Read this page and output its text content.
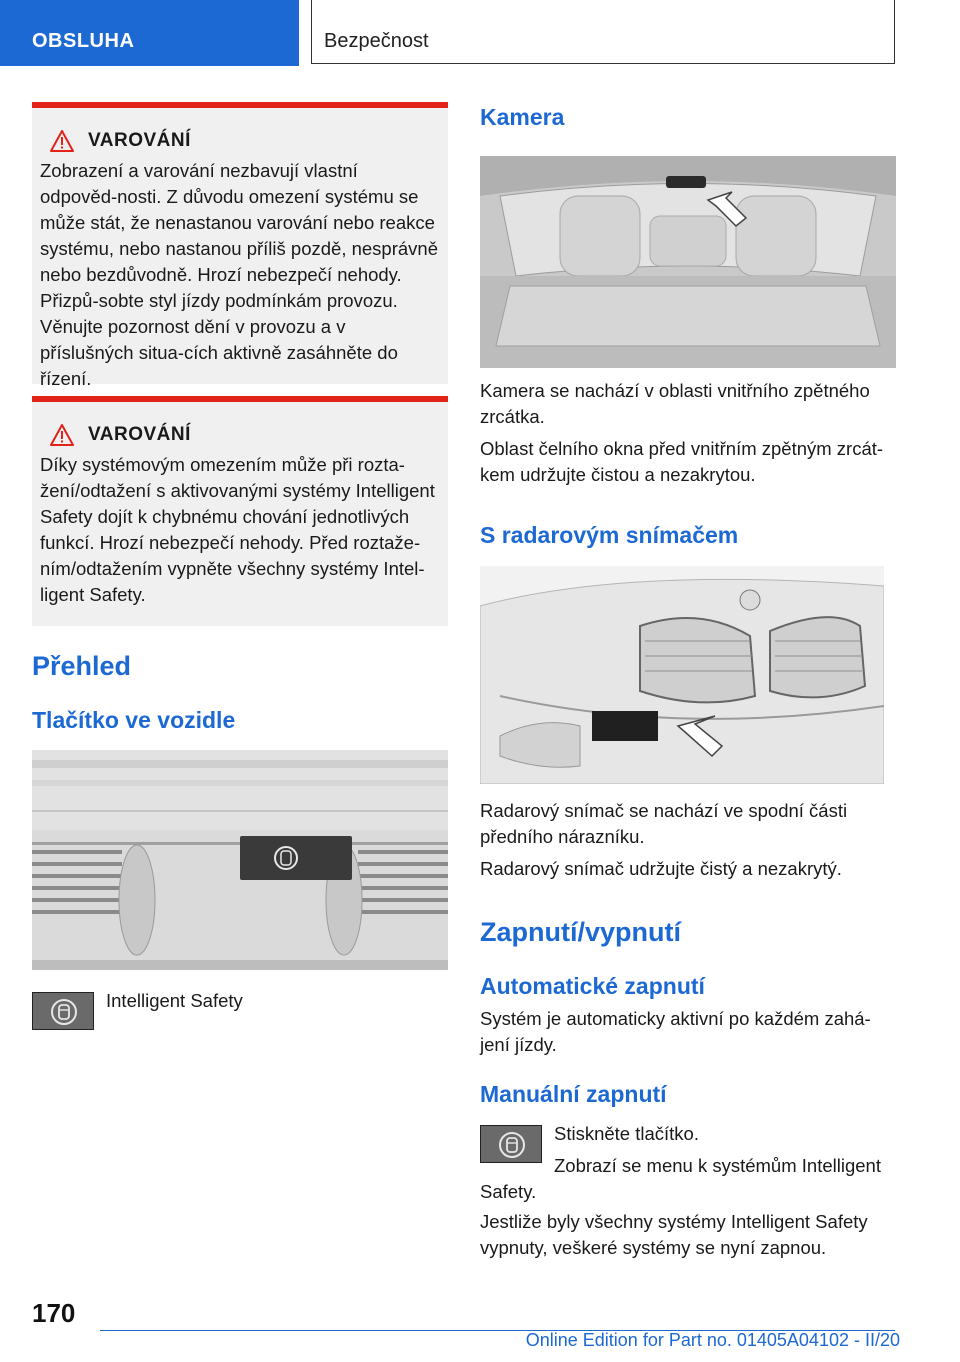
OBSLUHA	Bezpečnost
VAROVÁNÍ

Zobrazení a varování nezbavují vlastní odpověd-nosti. Z důvodu omezení systému se může stát, že nenastanou varování nebo reakce systému, nebo nastanou příliš pozdě, nesprávně nebo bezdůvodně. Hrozí nebezpečí nehody. Přizpů-sobte styl jízdy podmínkám provozu. Věnujte pozornost dění v provozu a v příslušných situa-cích aktivně zasáhněte do řízení.

VAROVÁNÍ

Díky systémovým omezením může při rozta-žení/odtažení s aktivovanými systémy Intelligent Safety dojít k chybnému chování jednotlivých funkcí. Hrozí nebezpečí nehody. Před roztaže-ním/odtažením vypněte všechny systémy Intel-ligent Safety.

Přehled
Tlačítko ve vozidle

Intelligent Safety

Kamera

Kamera se nachází v oblasti vnitřního zpětného zrcátka.

Oblast čelního okna před vnitřním zpětným zrcát-kem udržujte čistou a nezakrytou.

S radarovým snímačem

Radarový snímač se nachází ve spodní části předního nárazníku.

Radarový snímač udržujte čistý a nezakrytý.

Zapnutí/vypnutí
Automatické zapnutí

Systém je automaticky aktivní po každém zahá-jení jízdy.

Manuální zapnutí

Stiskněte tlačítko.

Zobrazí se menu k systémům Intelligent Safety.

Jestliže byly všechny systémy Intelligent Safety vypnuty, veškeré systémy se nyní zapnou.

170
Online Edition for Part no. 01405A04102 - II/20
